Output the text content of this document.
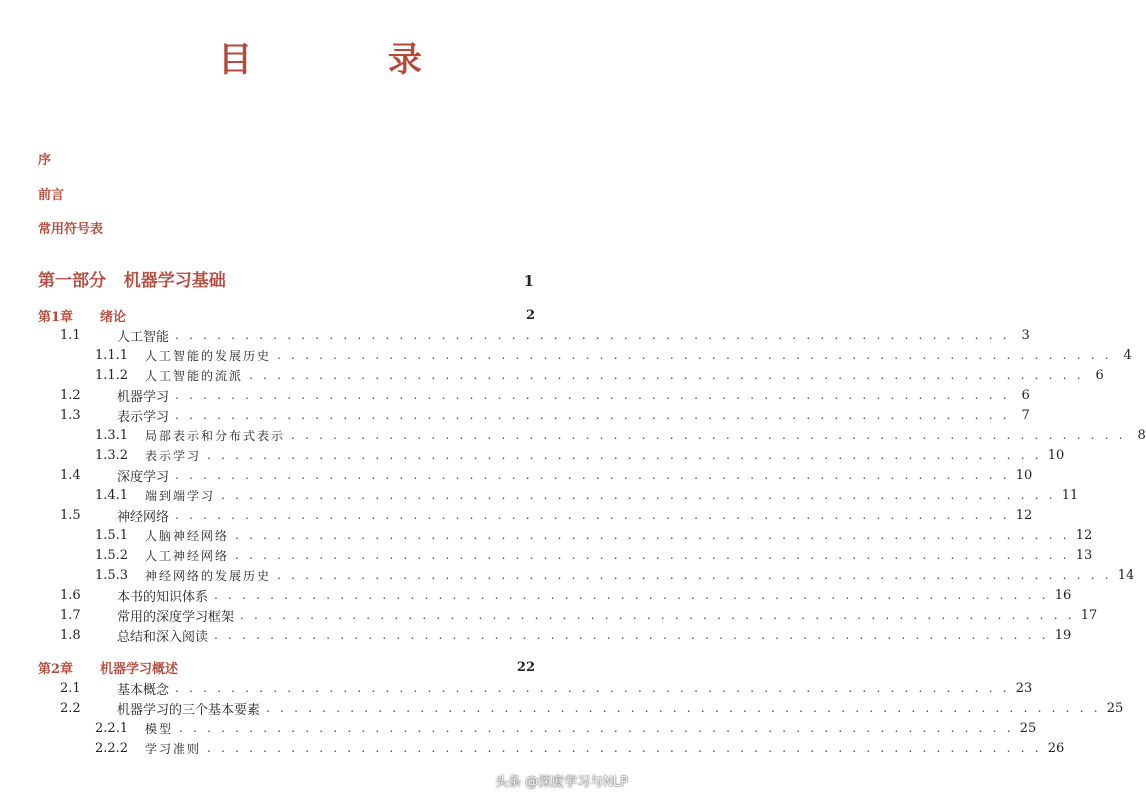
目 录
序
前言
常用符号表
第一部分 机器学习基础	1
第1章	绪论	2
1.1	人工智能 . . . . . . . . . . . . . . . . . . . . . . . . . . . . . . . . . . . . . . . . . . . . . . . . . . . . . . . . . . . . 3
1.1.1	人工智能的发展历史 . . . . . . . . . . . . . . . . . . . . . . . . . . . . . . . . . . . . . . . . . . . . . . . . . . . . . . . . . . . . 4
1.1.2	人工智能的流派 . . . . . . . . . . . . . . . . . . . . . . . . . . . . . . . . . . . . . . . . . . . . . . . . . . . . . . . . . . . . 6
1.2	机器学习 . . . . . . . . . . . . . . . . . . . . . . . . . . . . . . . . . . . . . . . . . . . . . . . . . . . . . . . . . . . . 6
1.3	表示学习 . . . . . . . . . . . . . . . . . . . . . . . . . . . . . . . . . . . . . . . . . . . . . . . . . . . . . . . . . . . . 7
1.3.1	局部表示和分布式表示 . . . . . . . . . . . . . . . . . . . . . . . . . . . . . . . . . . . . . . . . . . . . . . . . . . . . . . . . . . . . 8
1.3.2	表示学习 . . . . . . . . . . . . . . . . . . . . . . . . . . . . . . . . . . . . . . . . . . . . . . . . . . . . . . . . . . . . 10
1.4	深度学习 . . . . . . . . . . . . . . . . . . . . . . . . . . . . . . . . . . . . . . . . . . . . . . . . . . . . . . . . . . . . 10
1.4.1	端到端学习 . . . . . . . . . . . . . . . . . . . . . . . . . . . . . . . . . . . . . . . . . . . . . . . . . . . . . . . . . . . . 11
1.5	神经网络 . . . . . . . . . . . . . . . . . . . . . . . . . . . . . . . . . . . . . . . . . . . . . . . . . . . . . . . . . . . . 12
1.5.1	人脑神经网络 . . . . . . . . . . . . . . . . . . . . . . . . . . . . . . . . . . . . . . . . . . . . . . . . . . . . . . . . . . . . 12
1.5.2	人工神经网络 . . . . . . . . . . . . . . . . . . . . . . . . . . . . . . . . . . . . . . . . . . . . . . . . . . . . . . . . . . . . 13
1.5.3	神经网络的发展历史 . . . . . . . . . . . . . . . . . . . . . . . . . . . . . . . . . . . . . . . . . . . . . . . . . . . . . . . . . . . . 14
1.6	本书的知识体系 . . . . . . . . . . . . . . . . . . . . . . . . . . . . . . . . . . . . . . . . . . . . . . . . . . . . . . . . . . . . 16
1.7	常用的深度学习框架 . . . . . . . . . . . . . . . . . . . . . . . . . . . . . . . . . . . . . . . . . . . . . . . . . . . . . . . . . . . . 17
1.8	总结和深入阅读 . . . . . . . . . . . . . . . . . . . . . . . . . . . . . . . . . . . . . . . . . . . . . . . . . . . . . . . . . . . . 19
第2章	机器学习概述	22
2.1	基本概念 . . . . . . . . . . . . . . . . . . . . . . . . . . . . . . . . . . . . . . . . . . . . . . . . . . . . . . . . . . . . 23
2.2	机器学习的三个基本要素 . . . . . . . . . . . . . . . . . . . . . . . . . . . . . . . . . . . . . . . . . . . . . . . . . . . . . . . . . . . . 25
2.2.1	模型 . . . . . . . . . . . . . . . . . . . . . . . . . . . . . . . . . . . . . . . . . . . . . . . . . . . . . . . . . . . . 25
2.2.2	学习准则 . . . . . . . . . . . . . . . . . . . . . . . . . . . . . . . . . . . . . . . . . . . . . . . . . . . . . . . . . . . . 26
头条 @深度学习与NLP
